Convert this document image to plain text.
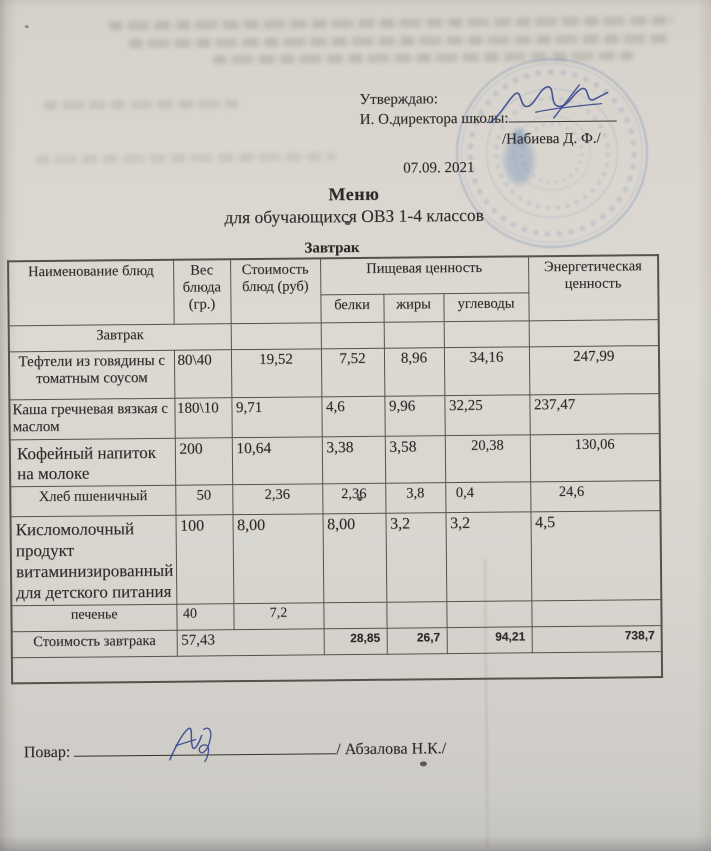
Утверждаю:
И. О.директора школы:
/Набиева Д. Ф./
07.09. 2021
Меню
для обучающихся ОВЗ 1-4 классов
Завтрак
Наименование блюд	Вес блюда (гр.)	Стоимость блюд (руб)	Пищевая ценность			Энергетическая ценность
			белки	жиры	углеводы	
Завтрак						
Тефтели из говядины с томатным соусом	80\40	19,52	7,52	8,96	34,16	247,99
Каша гречневая вязкая с маслом	180\10	9,71	4,6	9,96	32,25	237,47
Кофейный напиток на молоке	200	10,64	3,38	3,58	20,38	130,06
Хлеб пшеничный	50	2,36	2,36	3,8	0,4	24,6
Кисломолочный продукт витаминизированный для детского питания	100	8,00	8,00	3,2	3,2	4,5
печенье	40	7,2				
Стоимость завтрака	57,43		28,85	26,7	94,21	738,7

Повар:	/ Абзалова Н.К./
